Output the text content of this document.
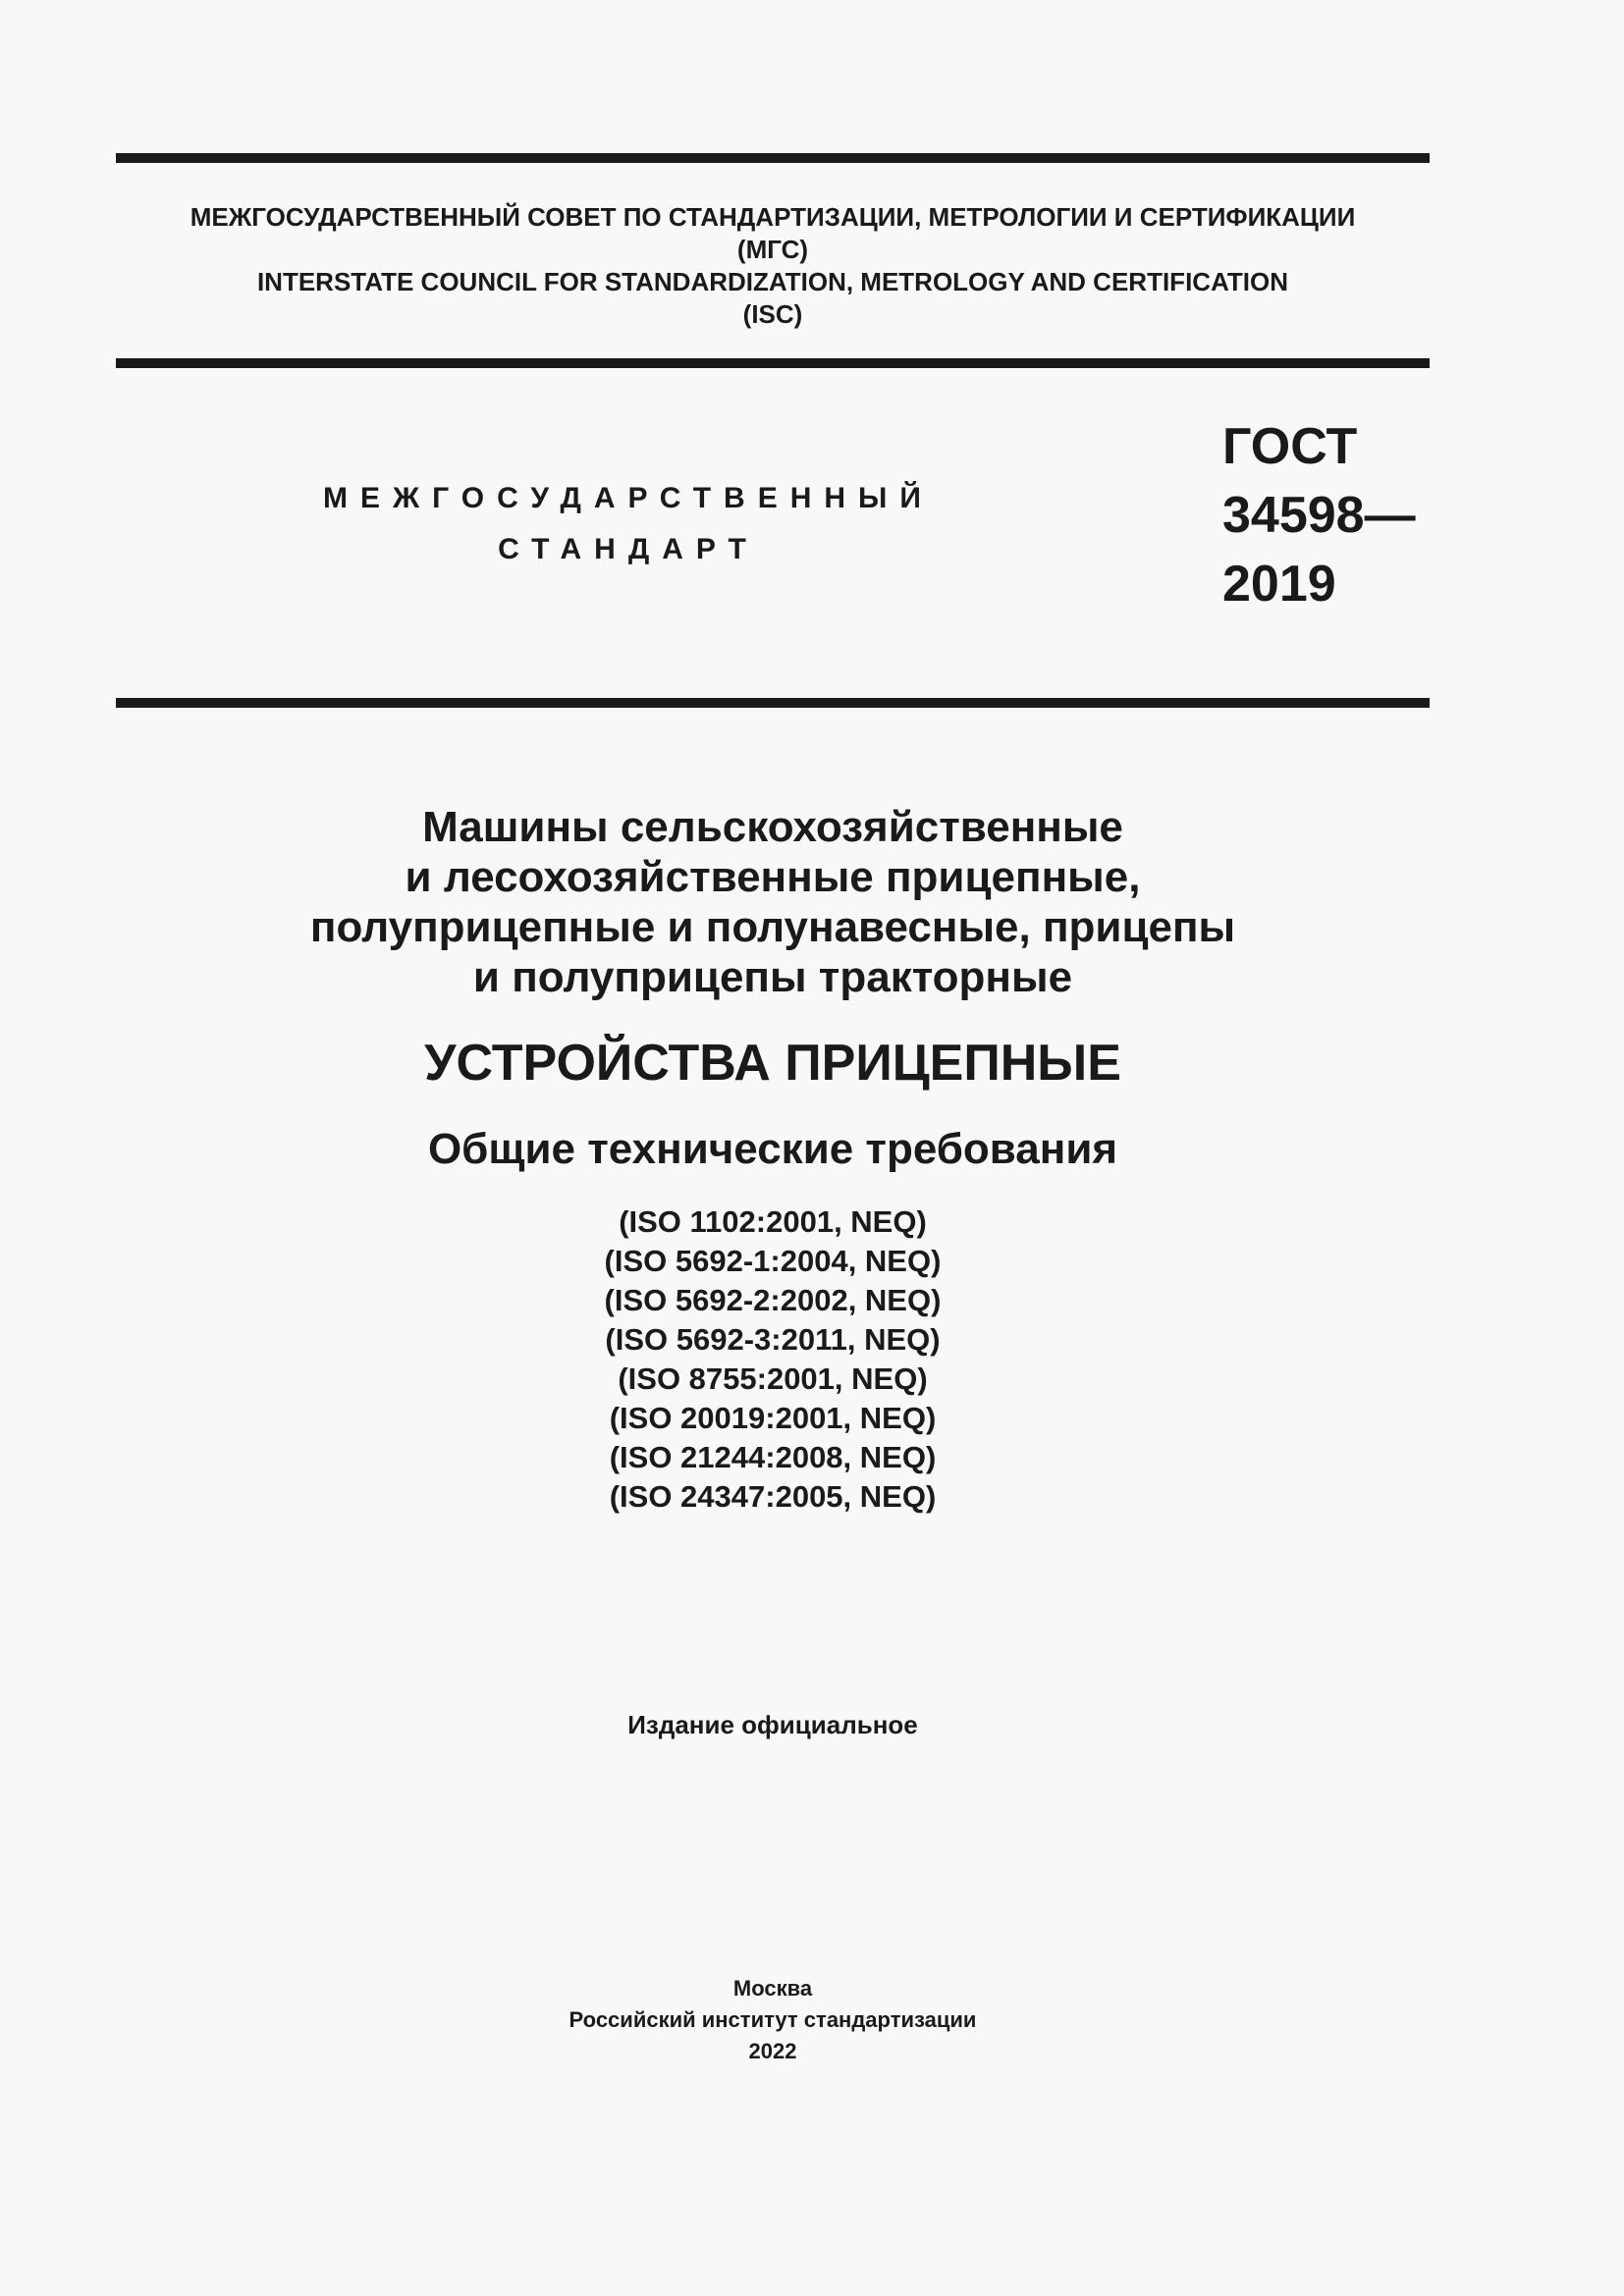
МЕЖГОСУДАРСТВЕННЫЙ СОВЕТ ПО СТАНДАРТИЗАЦИИ, МЕТРОЛОГИИ И СЕРТИФИКАЦИИ
(МГС)
INTERSTATE COUNCIL FOR STANDARDIZATION, METROLOGY AND CERTIFICATION
(ISC)
МЕЖГОСУДАРСТВЕННЫЙ
СТАНДАРТ
ГОСТ
34598—
2019
Машины сельскохозяйственные
и лесохозяйственные прицепные,
полуприцепные и полунавесные, прицепы
и полуприцепы тракторные
УСТРОЙСТВА ПРИЦЕПНЫЕ
Общие технические требования
(ISO 1102:2001, NEQ)
(ISO 5692-1:2004, NEQ)
(ISO 5692-2:2002, NEQ)
(ISO 5692-3:2011, NEQ)
(ISO 8755:2001, NEQ)
(ISO 20019:2001, NEQ)
(ISO 21244:2008, NEQ)
(ISO 24347:2005, NEQ)
Издание официальное
Москва
Российский институт стандартизации
2022
